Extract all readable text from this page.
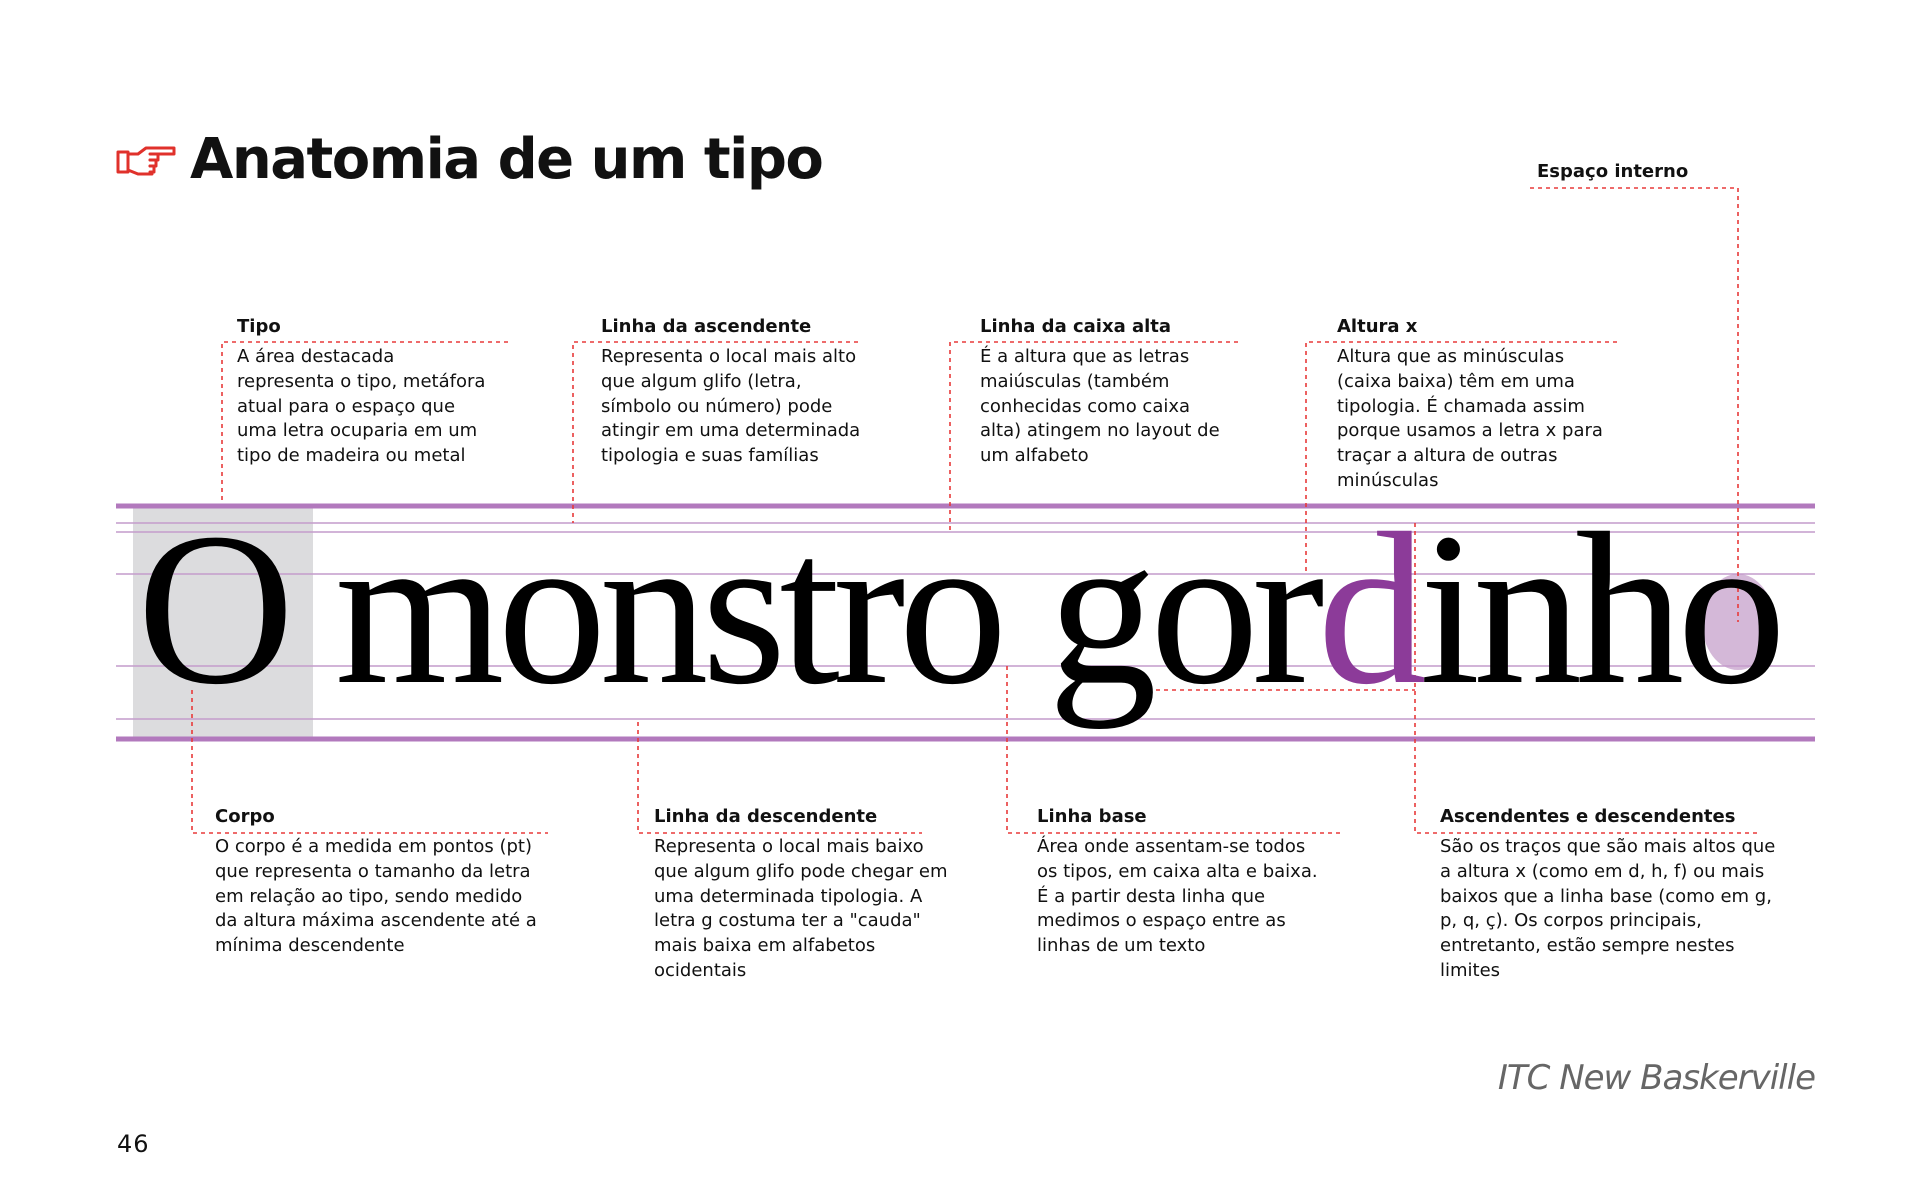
Anatomia de um tipo
O monstro gordinho
Tipo

A área destacada representa o tipo, metáfora atual para o espaço que uma letra ocuparia em um tipo de madeira ou metal

Linha da ascendente

Representa o local mais alto que algum glifo (letra, símbolo ou número) pode atingir em uma determinada tipologia e suas famílias

Linha da caixa alta

É a altura que as letras maiúsculas (também conhecidas como caixa alta) atingem no layout de um alfabeto

Altura x

Altura que as minúsculas (caixa baixa) têm em uma tipologia. É chamada assim porque usamos a letra x para traçar a altura de outras minúsculas

Espaço interno
Corpo

O corpo é a medida em pontos (pt) que representa o tamanho da letra em relação ao tipo, sendo medido da altura máxima ascendente até a mínima descendente

Linha da descendente

Representa o local mais baixo que algum glifo pode chegar em uma determinada tipologia. A letra g costuma ter a "cauda" mais baixa em alfabetos ocidentais

Linha base

Área onde assentam-se todos os tipos, em caixa alta e baixa. É a partir desta linha que medimos o espaço entre as linhas de um texto

Ascendentes e descendentes

São os traços que são mais altos que a altura x (como em d, h, f) ou mais baixos que a linha base (como em g, p, q, ç). Os corpos principais, entretanto, estão sempre nestes limites

ITC New Baskerville

46
